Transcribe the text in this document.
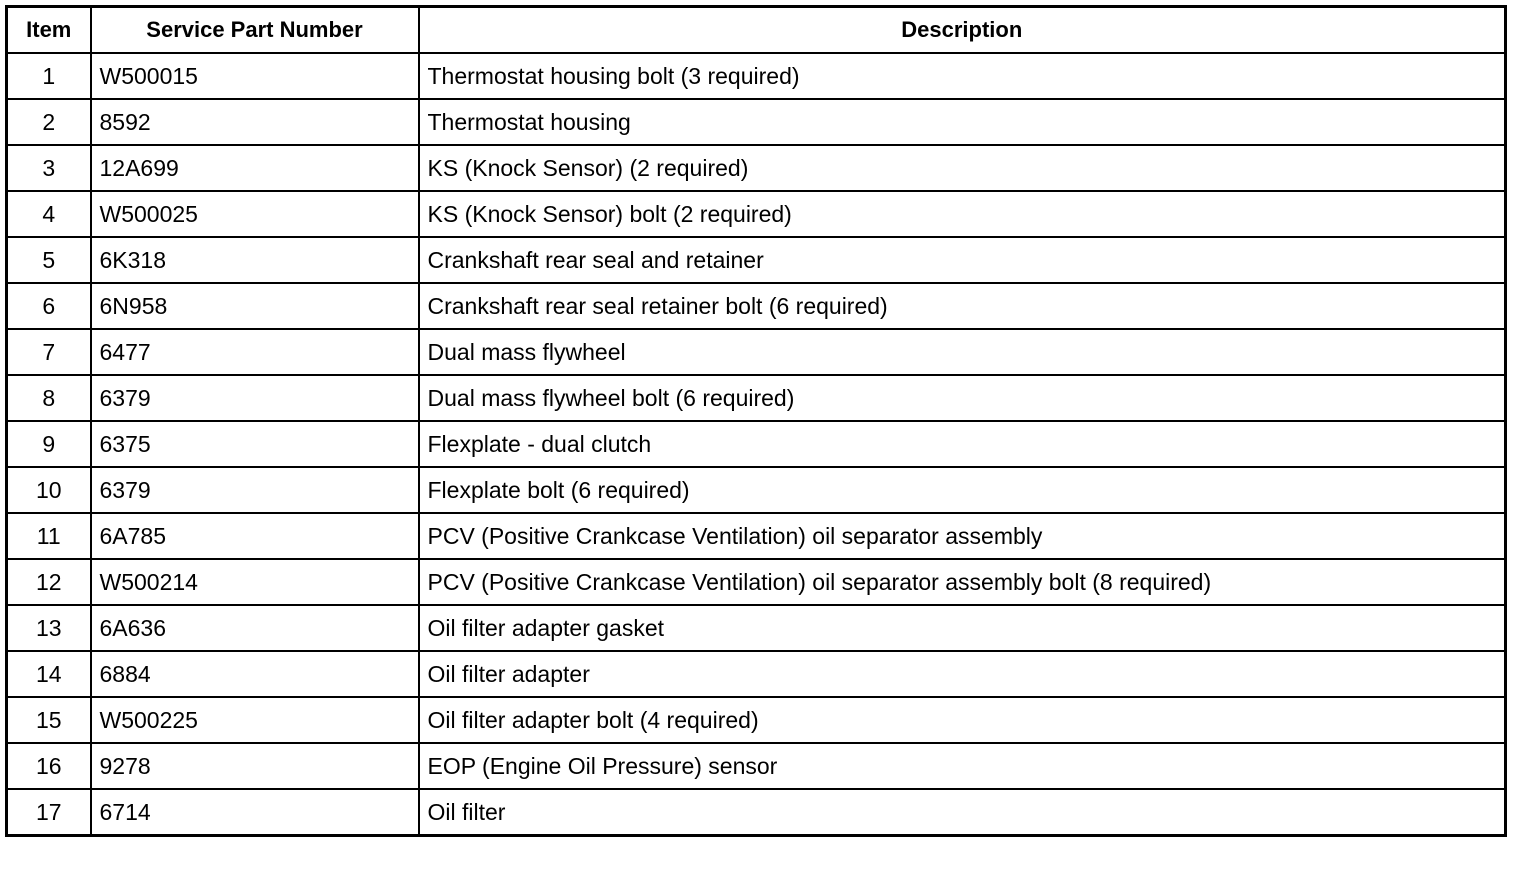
Item	Service Part Number	Description
1	W500015	Thermostat housing bolt (3 required)
2	8592	Thermostat housing
3	12A699	KS (Knock Sensor) (2 required)
4	W500025	KS (Knock Sensor) bolt (2 required)
5	6K318	Crankshaft rear seal and retainer
6	6N958	Crankshaft rear seal retainer bolt (6 required)
7	6477	Dual mass flywheel
8	6379	Dual mass flywheel bolt (6 required)
9	6375	Flexplate - dual clutch
10	6379	Flexplate bolt (6 required)
11	6A785	PCV (Positive Crankcase Ventilation) oil separator assembly
12	W500214	PCV (Positive Crankcase Ventilation) oil separator assembly bolt (8 required)
13	6A636	Oil filter adapter gasket
14	6884	Oil filter adapter
15	W500225	Oil filter adapter bolt (4 required)
16	9278	EOP (Engine Oil Pressure) sensor
17	6714	Oil filter
